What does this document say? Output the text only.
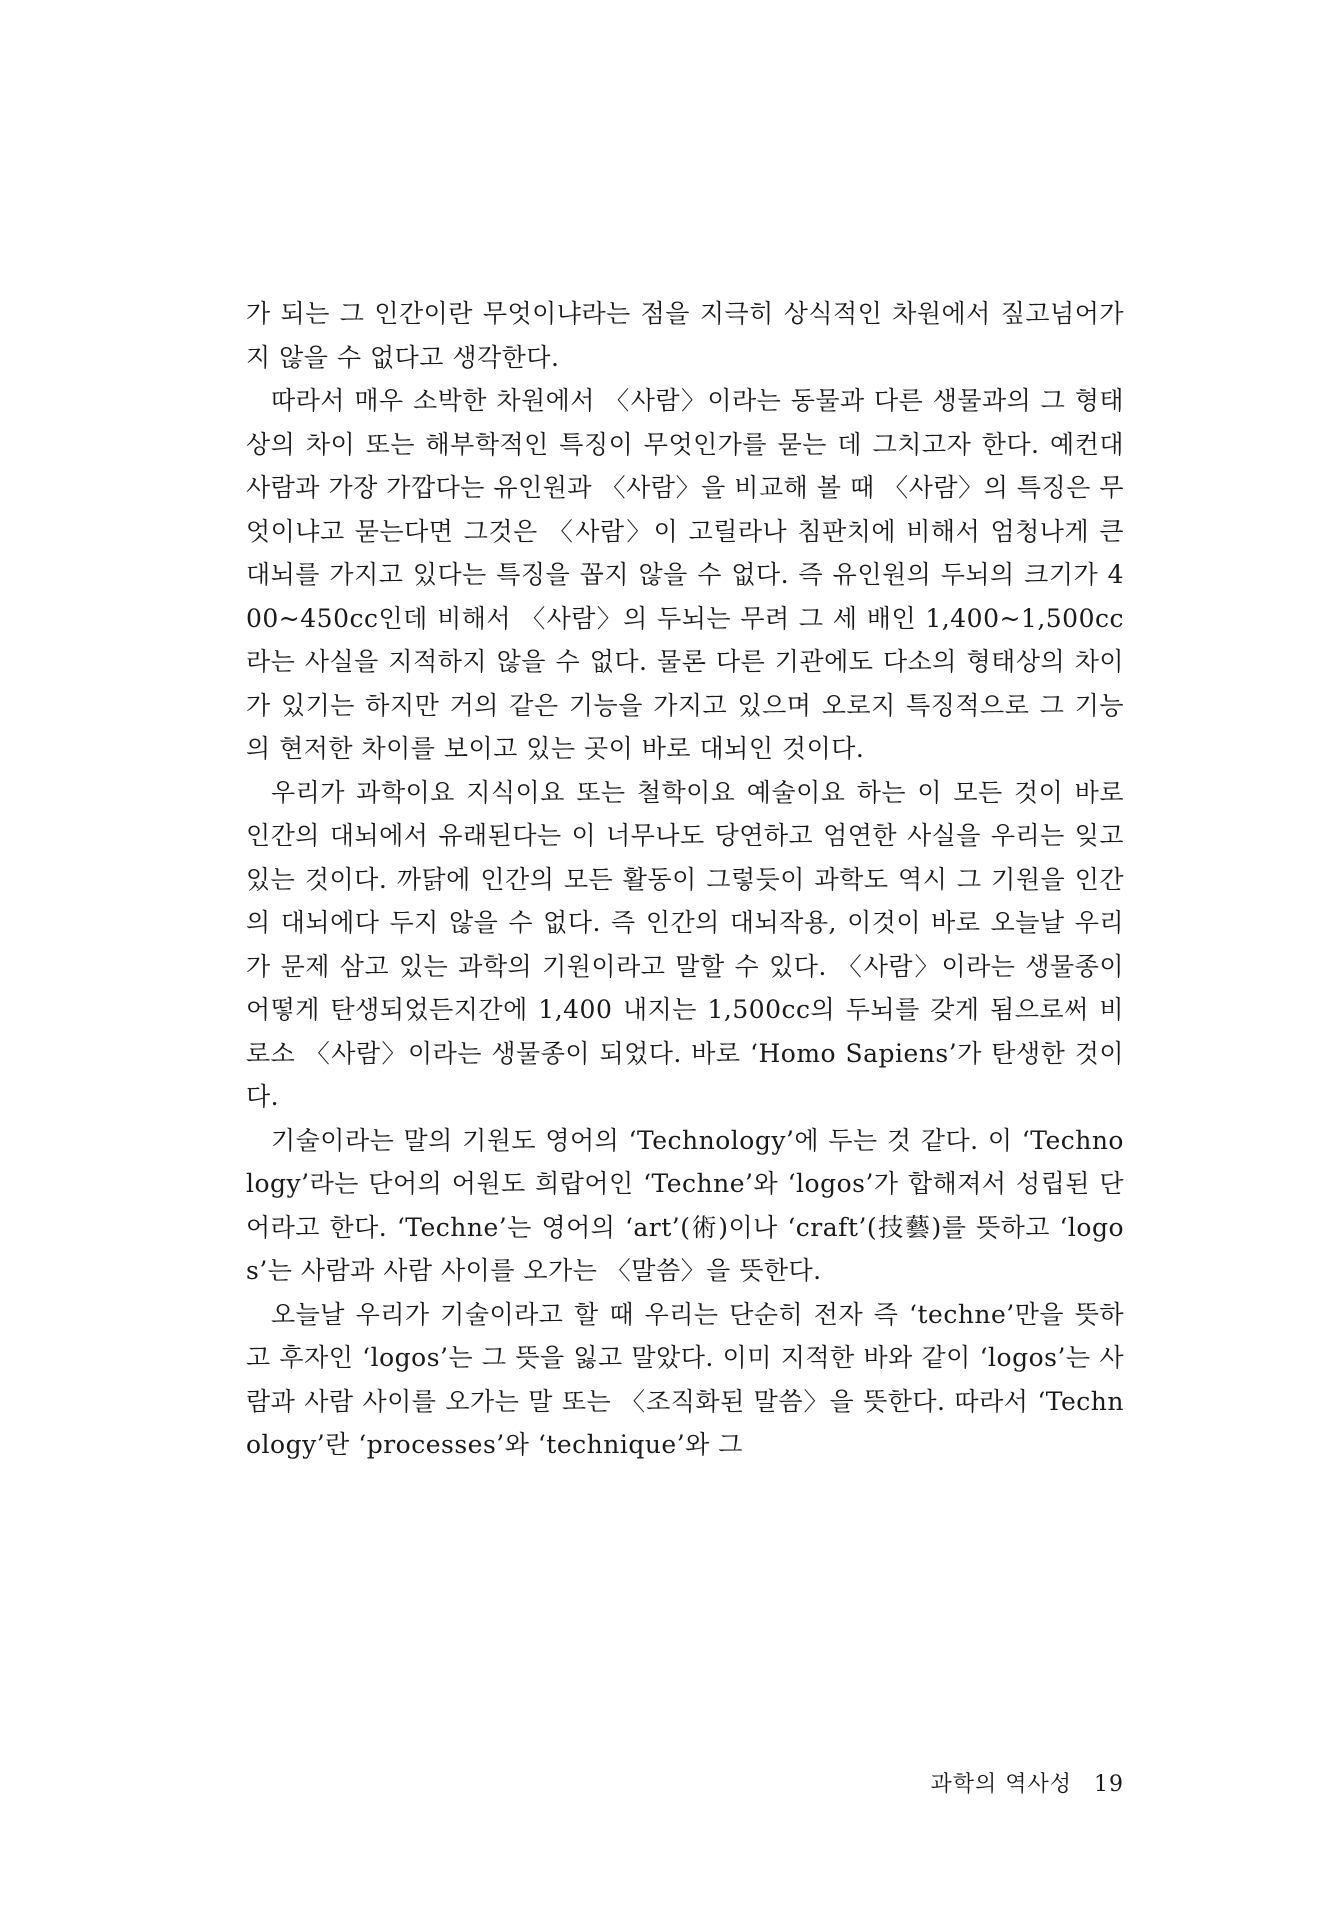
가 되는 그 인간이란 무엇이냐라는 점을 지극히 상식적인 차원에서 짚고넘어가지 않을 수 없다고 생각한다.

따라서 매우 소박한 차원에서 〈사람〉이라는 동물과 다른 생물과의 그 형태상의 차이 또는 해부학적인 특징이 무엇인가를 묻는 데 그치고자 한다. 예컨대 사람과 가장 가깝다는 유인원과 〈사람〉을 비교해 볼 때 〈사람〉의 특징은 무엇이냐고 묻는다면 그것은 〈사람〉이 고릴라나 침판치에 비해서 엄청나게 큰 대뇌를 가지고 있다는 특징을 꼽지 않을 수 없다. 즉 유인원의 두뇌의 크기가 400~450cc인데 비해서 〈사람〉의 두뇌는 무려 그 세 배인 1,400~1,500cc라는 사실을 지적하지 않을 수 없다. 물론 다른 기관에도 다소의 형태상의 차이가 있기는 하지만 거의 같은 기능을 가지고 있으며 오로지 특징적으로 그 기능의 현저한 차이를 보이고 있는 곳이 바로 대뇌인 것이다.

우리가 과학이요 지식이요 또는 철학이요 예술이요 하는 이 모든 것이 바로 인간의 대뇌에서 유래된다는 이 너무나도 당연하고 엄연한 사실을 우리는 잊고 있는 것이다. 까닭에 인간의 모든 활동이 그렇듯이 과학도 역시 그 기원을 인간의 대뇌에다 두지 않을 수 없다. 즉 인간의 대뇌작용, 이것이 바로 오늘날 우리가 문제 삼고 있는 과학의 기원이라고 말할 수 있다. 〈사람〉이라는 생물종이 어떻게 탄생되었든지간에 1,400 내지는 1,500cc의 두뇌를 갖게 됨으로써 비로소 〈사람〉이라는 생물종이 되었다. 바로 ‘Homo Sapiens’가 탄생한 것이다.

기술이라는 말의 기원도 영어의 ‘Technology’에 두는 것 같다. 이 ‘Technology’라는 단어의 어원도 희랍어인 ‘Techne’와 ‘logos’가 합해져서 성립된 단어라고 한다. ‘Techne’는 영어의 ‘art’(術)이나 ‘craft’(技藝)를 뜻하고 ‘logos’는 사람과 사람 사이를 오가는 〈말씀〉을 뜻한다.

오늘날 우리가 기술이라고 할 때 우리는 단순히 전자 즉 ‘techne’만을 뜻하고 후자인 ‘logos’는 그 뜻을 잃고 말았다. 이미 지적한 바와 같이 ‘logos’는 사람과 사람 사이를 오가는 말 또는 〈조직화된 말씀〉을 뜻한다. 따라서 ‘Technology’란 ‘processes’와 ‘technique’와 그

과학의 역사성 19
